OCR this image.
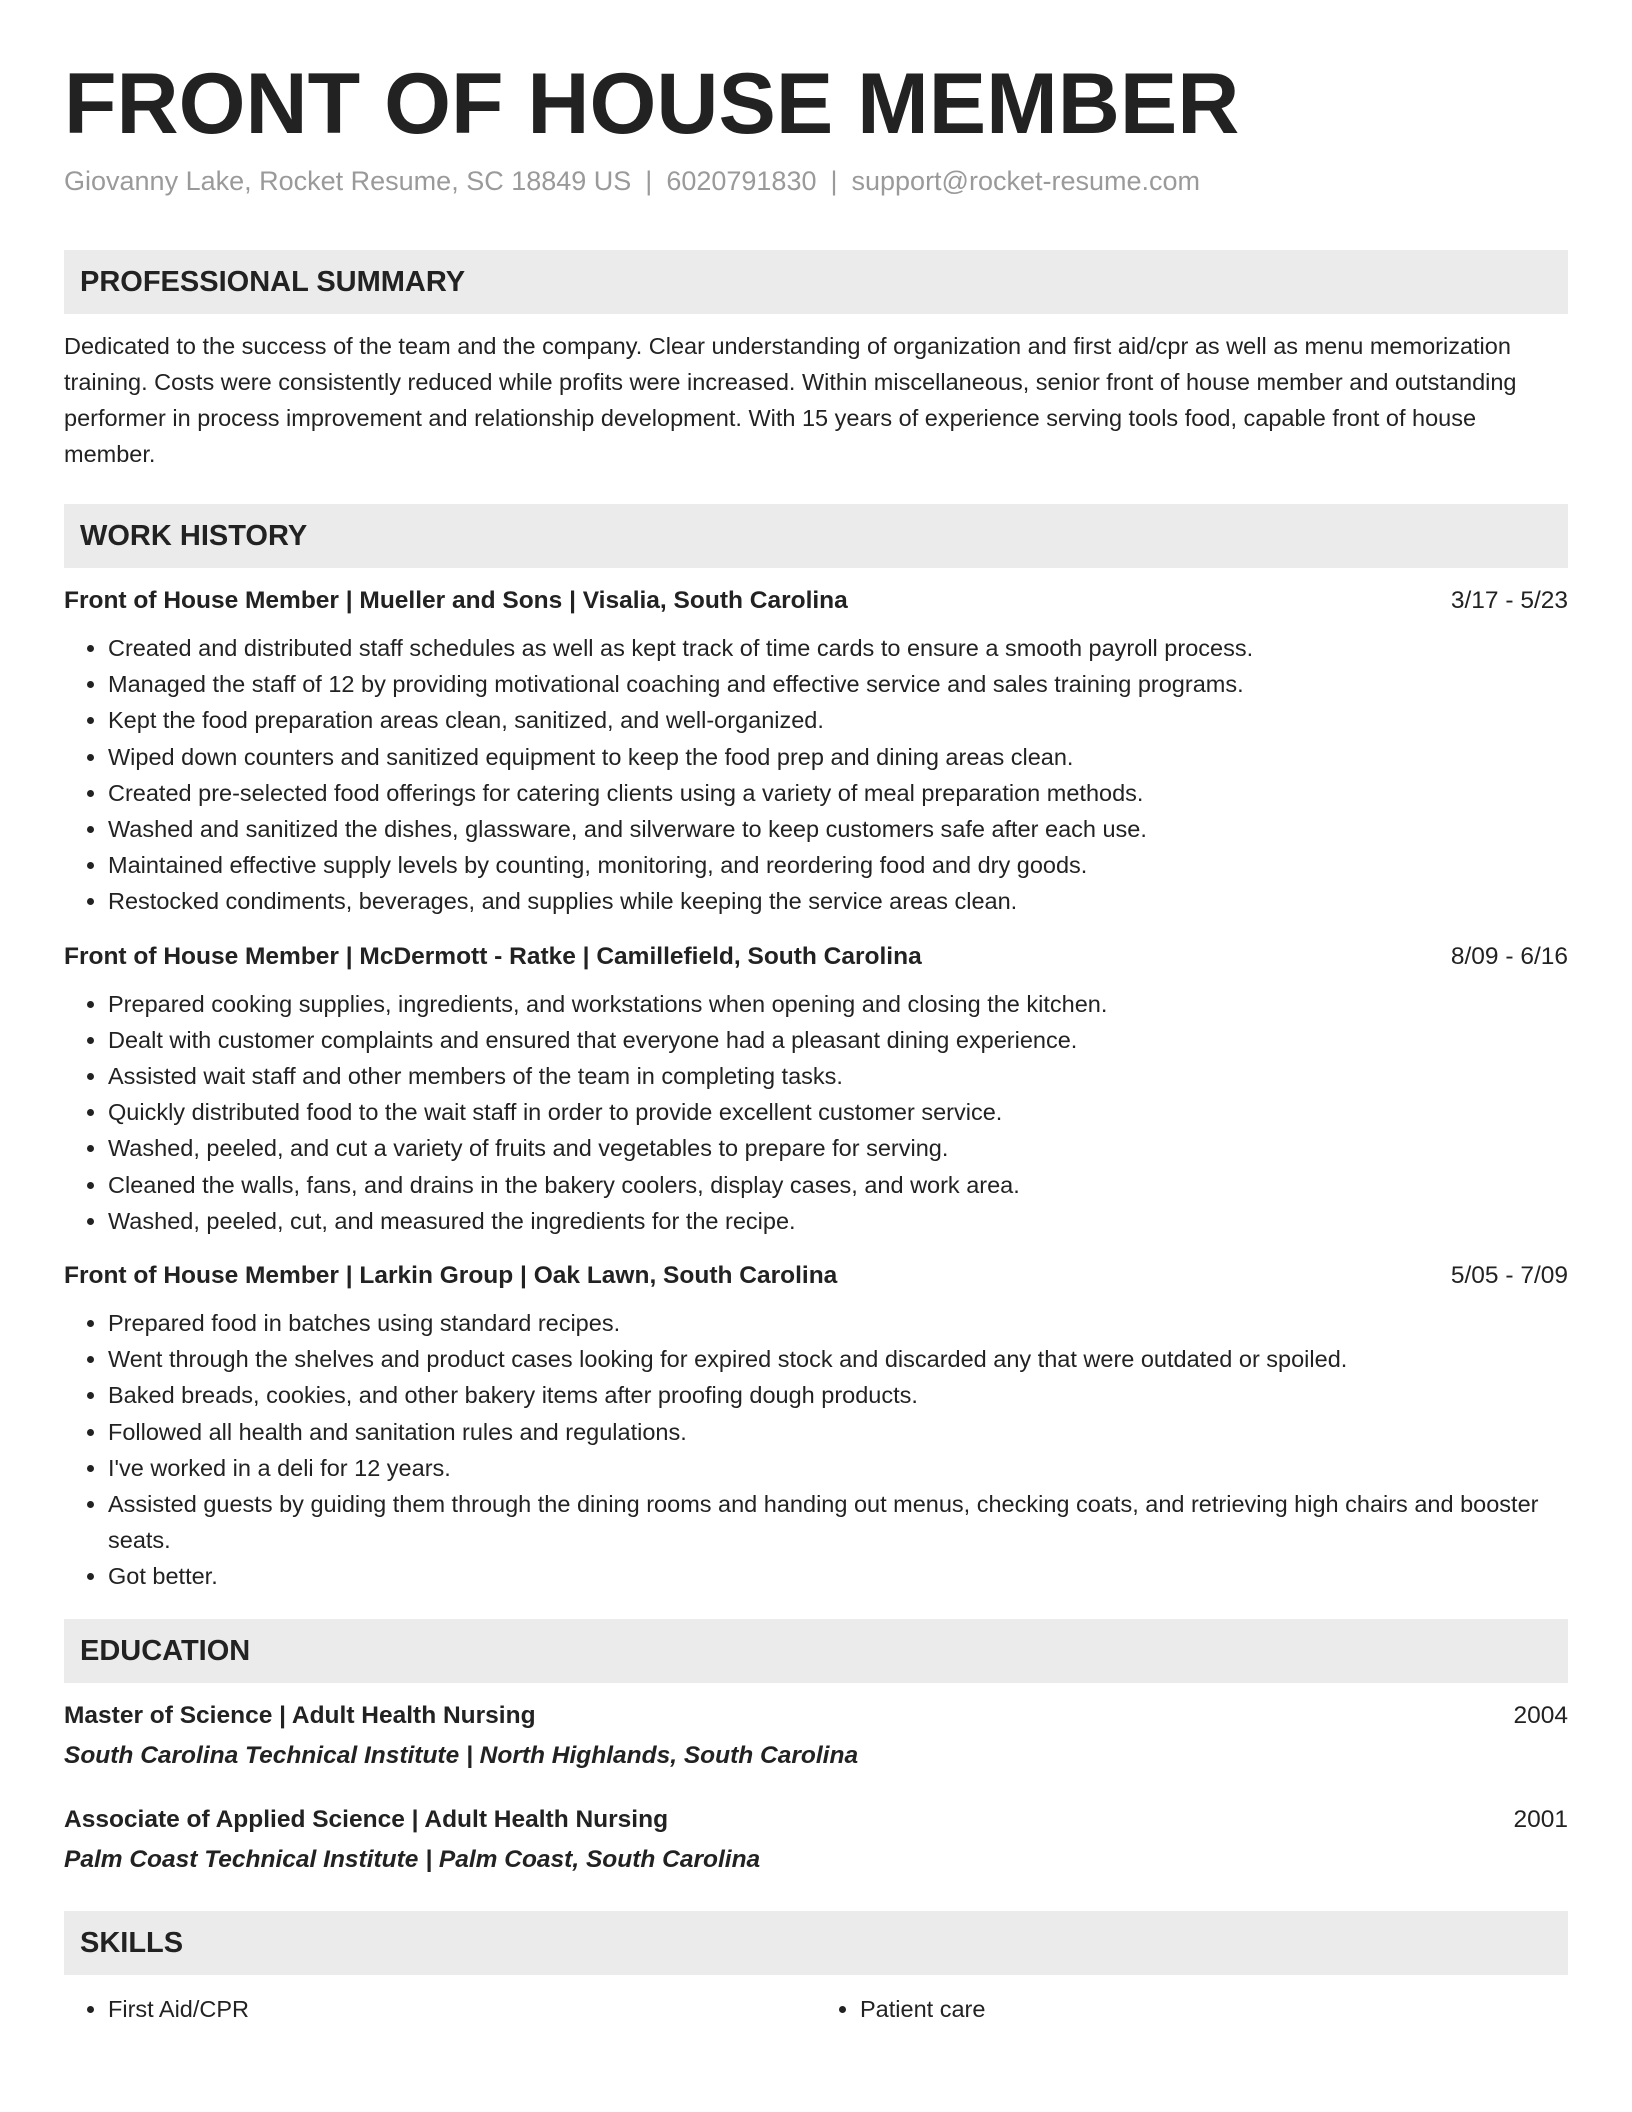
FRONT OF HOUSE MEMBER
Giovanny Lake, Rocket Resume, SC 18849 US | 6020791830 | support@rocket-resume.com
PROFESSIONAL SUMMARY

Dedicated to the success of the team and the company. Clear understanding of organization and first aid/cpr as well as menu memorization training. Costs were consistently reduced while profits were increased. Within miscellaneous, senior front of house member and outstanding performer in process improvement and relationship development. With 15 years of experience serving tools food, capable front of house member.

WORK HISTORY
Front of House Member | Mueller and Sons | Visalia, South Carolina	3/17 - 5/23
• Created and distributed staff schedules as well as kept track of time cards to ensure a smooth payroll process.
• Managed the staff of 12 by providing motivational coaching and effective service and sales training programs.
• Kept the food preparation areas clean, sanitized, and well-organized.
• Wiped down counters and sanitized equipment to keep the food prep and dining areas clean.
• Created pre-selected food offerings for catering clients using a variety of meal preparation methods.
• Washed and sanitized the dishes, glassware, and silverware to keep customers safe after each use.
• Maintained effective supply levels by counting, monitoring, and reordering food and dry goods.
• Restocked condiments, beverages, and supplies while keeping the service areas clean.
Front of House Member | McDermott - Ratke | Camillefield, South Carolina	8/09 - 6/16
• Prepared cooking supplies, ingredients, and workstations when opening and closing the kitchen.
• Dealt with customer complaints and ensured that everyone had a pleasant dining experience.
• Assisted wait staff and other members of the team in completing tasks.
• Quickly distributed food to the wait staff in order to provide excellent customer service.
• Washed, peeled, and cut a variety of fruits and vegetables to prepare for serving.
• Cleaned the walls, fans, and drains in the bakery coolers, display cases, and work area.
• Washed, peeled, cut, and measured the ingredients for the recipe.
Front of House Member | Larkin Group | Oak Lawn, South Carolina	5/05 - 7/09
• Prepared food in batches using standard recipes.
• Went through the shelves and product cases looking for expired stock and discarded any that were outdated or spoiled.
• Baked breads, cookies, and other bakery items after proofing dough products.
• Followed all health and sanitation rules and regulations.
• I've worked in a deli for 12 years.
• Assisted guests by guiding them through the dining rooms and handing out menus, checking coats, and retrieving high chairs and booster seats.
• Got better.
EDUCATION
Master of Science | Adult Health Nursing	2004
South Carolina Technical Institute | North Highlands, South Carolina
Associate of Applied Science | Adult Health Nursing	2001
Palm Coast Technical Institute | Palm Coast, South Carolina
SKILLS
• First Aid/CPR
•	Patient care
